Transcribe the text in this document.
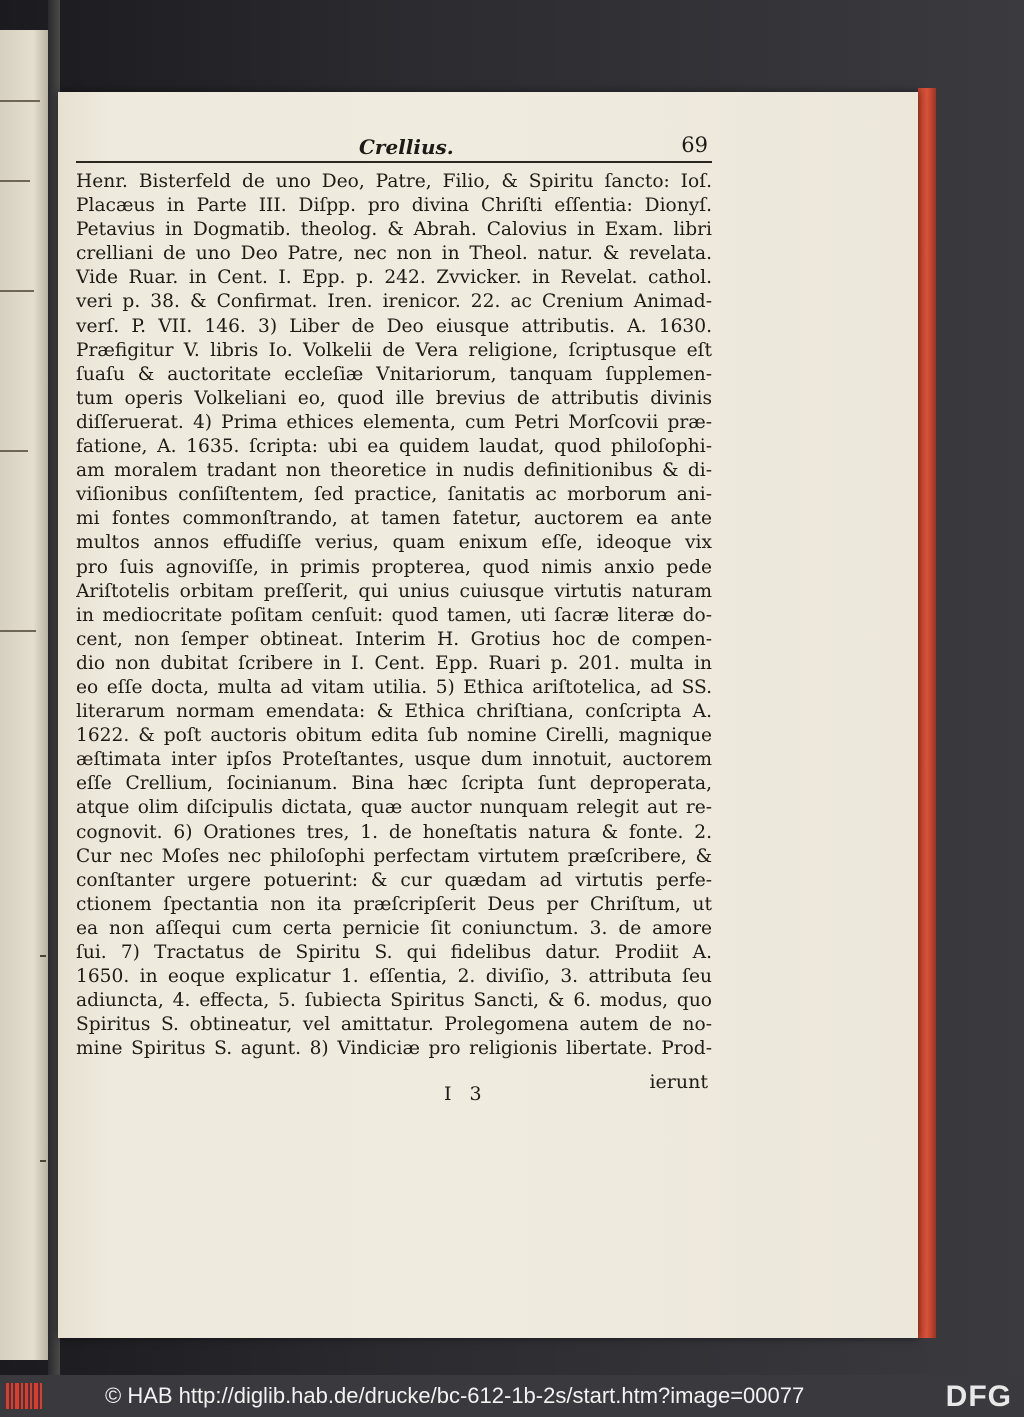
Crellius.	69
Henr. Bisterfeld de uno Deo, Patre, Filio, & Spiritu ſancto: Ioſ.
Placæus in Parte III. Diſpp. pro divina Chriſti eſſentia: Dionyſ.
Petavius in Dogmatib. theolog. & Abrah. Calovius in Exam. libri
crelliani de uno Deo Patre, nec non in Theol. natur. & revelata.
Vide Ruar. in Cent. I. Epp. p. 242. Zvvicker. in Revelat. cathol.
veri p. 38. & Confirmat. Iren. irenicor. 22. ac Crenium Animad-
verſ. P. VII. 146. 3) Liber de Deo eiusque attributis. A. 1630.
Præfigitur V. libris Io. Volkelii de Vera religione, ſcriptusque eſt
ſuaſu & auctoritate eccleſiæ Vnitariorum, tanquam ſupplemen-
tum operis Volkeliani eo, quod ille brevius de attributis divinis
diſſeruerat. 4) Prima ethices elementa, cum Petri Morſcovii præ-
fatione, A. 1635. ſcripta: ubi ea quidem laudat, quod philoſophi-
am moralem tradant non theoretice in nudis definitionibus & di-
viſionibus conſiſtentem, ſed practice, ſanitatis ac morborum ani-
mi fontes commonſtrando, at tamen fatetur, auctorem ea ante
multos annos effudiſſe verius, quam enixum eſſe, ideoque vix
pro ſuis agnoviſſe, in primis propterea, quod nimis anxio pede
Ariſtotelis orbitam preſſerit, qui unius cuiusque virtutis naturam
in mediocritate poſitam cenſuit: quod tamen, uti ſacræ literæ do-
cent, non ſemper obtineat. Interim H. Grotius hoc de compen-
dio non dubitat ſcribere in I. Cent. Epp. Ruari p. 201. multa in
eo eſſe docta, multa ad vitam utilia. 5) Ethica ariſtotelica, ad SS.
literarum normam emendata: & Ethica chriſtiana, conſcripta A.
1622. & poſt auctoris obitum edita ſub nomine Cirelli, magnique
æſtimata inter ipſos Proteſtantes, usque dum innotuit, auctorem
eſſe Crellium, ſocinianum. Bina hæc ſcripta ſunt deproperata,
atque olim diſcipulis dictata, quæ auctor nunquam relegit aut re-
cognovit. 6) Orationes tres, 1. de honeſtatis natura & fonte. 2.
Cur nec Moſes nec philoſophi perfectam virtutem præſcribere, &
conſtanter urgere potuerint: & cur quædam ad virtutis perfe-
ctionem ſpectantia non ita præſcripſerit Deus per Chriſtum, ut
ea non aſſequi cum certa pernicie ſit coniunctum. 3. de amore
ſui. 7) Tractatus de Spiritu S. qui fidelibus datur. Prodiit A.
1650. in eoque explicatur 1. eſſentia, 2. diviſio, 3. attributa ſeu
adiuncta, 4. effecta, 5. ſubiecta Spiritus Sancti, & 6. modus, quo
Spiritus S. obtineatur, vel amittatur. Prolegomena autem de no-
mine Spiritus S. agunt. 8) Vindiciæ pro religionis libertate. Prod-
I 3
ierunt
© HAB http://diglib.hab.de/drucke/bc-612-1b-2s/start.htm?image=00077	DFG
